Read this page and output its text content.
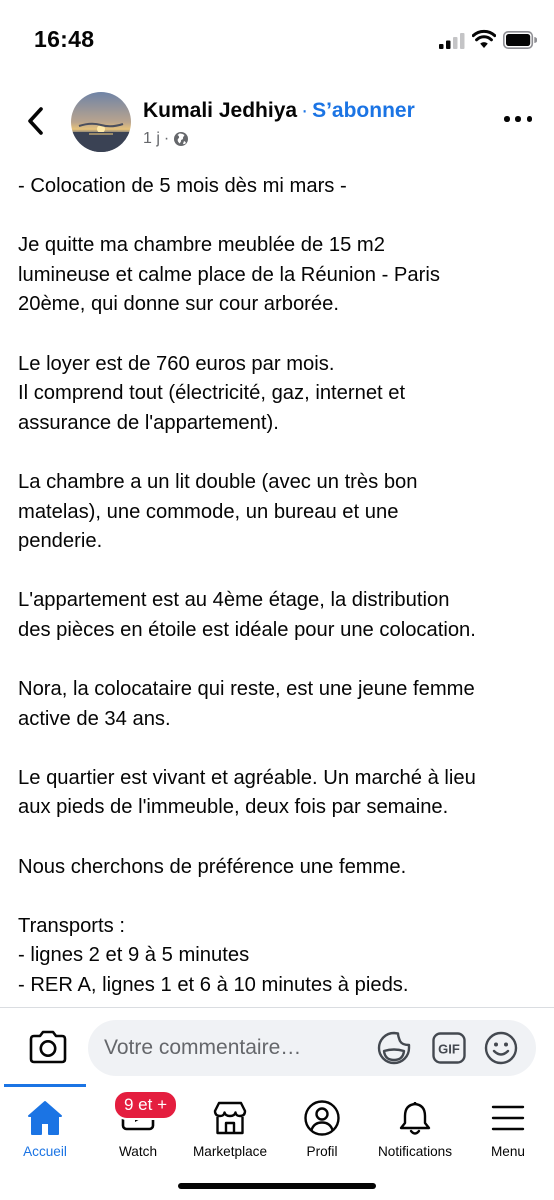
16:48
Kumali Jedhiya · S’abonner
1 j ·

- Colocation de 5 mois dès mi mars -

Je quitte ma chambre meublée de 15 m2
lumineuse et calme place de la Réunion - Paris
20ème, qui donne sur cour arborée.

Le loyer est de 760 euros par mois.
Il comprend tout (électricité, gaz, internet et
assurance de l'appartement).

La chambre a un lit double (avec un très bon
matelas), une commode, un bureau et une
penderie.

L'appartement est au 4ème étage, la distribution
des pièces en étoile est idéale pour une colocation.

Nora, la colocataire qui reste, est une jeune femme
active de 34 ans.

Le quartier est vivant et agréable. Un marché à lieu
aux pieds de l'immeuble, deux fois par semaine.

Nous cherchons de préférence une femme.

Transports :
- lignes 2 et 9 à 5 minutes
- RER A, lignes 1 et 6 à 10 minutes à pieds.

Votre commentaire…	GIF
Accueil	Watch
9 et +
Marketplace	Profil	Notifications	Menu
